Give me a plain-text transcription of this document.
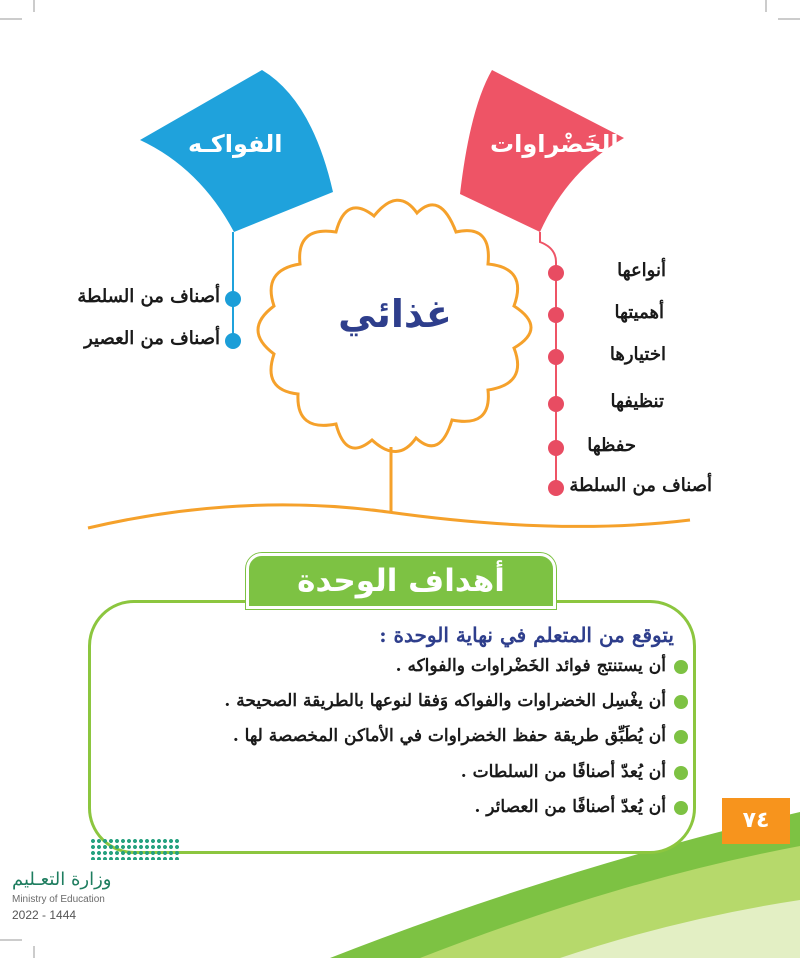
الفواكـه	الخَضْراوات
غذائي
أنواعها
أهميتها
اختيارها
تنظيفها
حفظها
أصناف من السلطة
أصناف من السلطة
أصناف من العصير
أهداف الوحدة
يتوقع من المتعلم في نهاية الوحدة :
أن يستنتج فوائد الخَضْراوات والفواكه .
أن يغْسِل الخضراوات والفواكه وَفقا لنوعها بالطريقة الصحيحة .
أن يُطَبِّق طريقة حفظ الخضراوات في الأماكن المخصصة لها .
أن يُعدّ أصنافًا من السلطات .
أن يُعدّ أصنافًا من العصائر .
٧٤
وزارة التعـليم
Ministry of Education
2022 - 1444
